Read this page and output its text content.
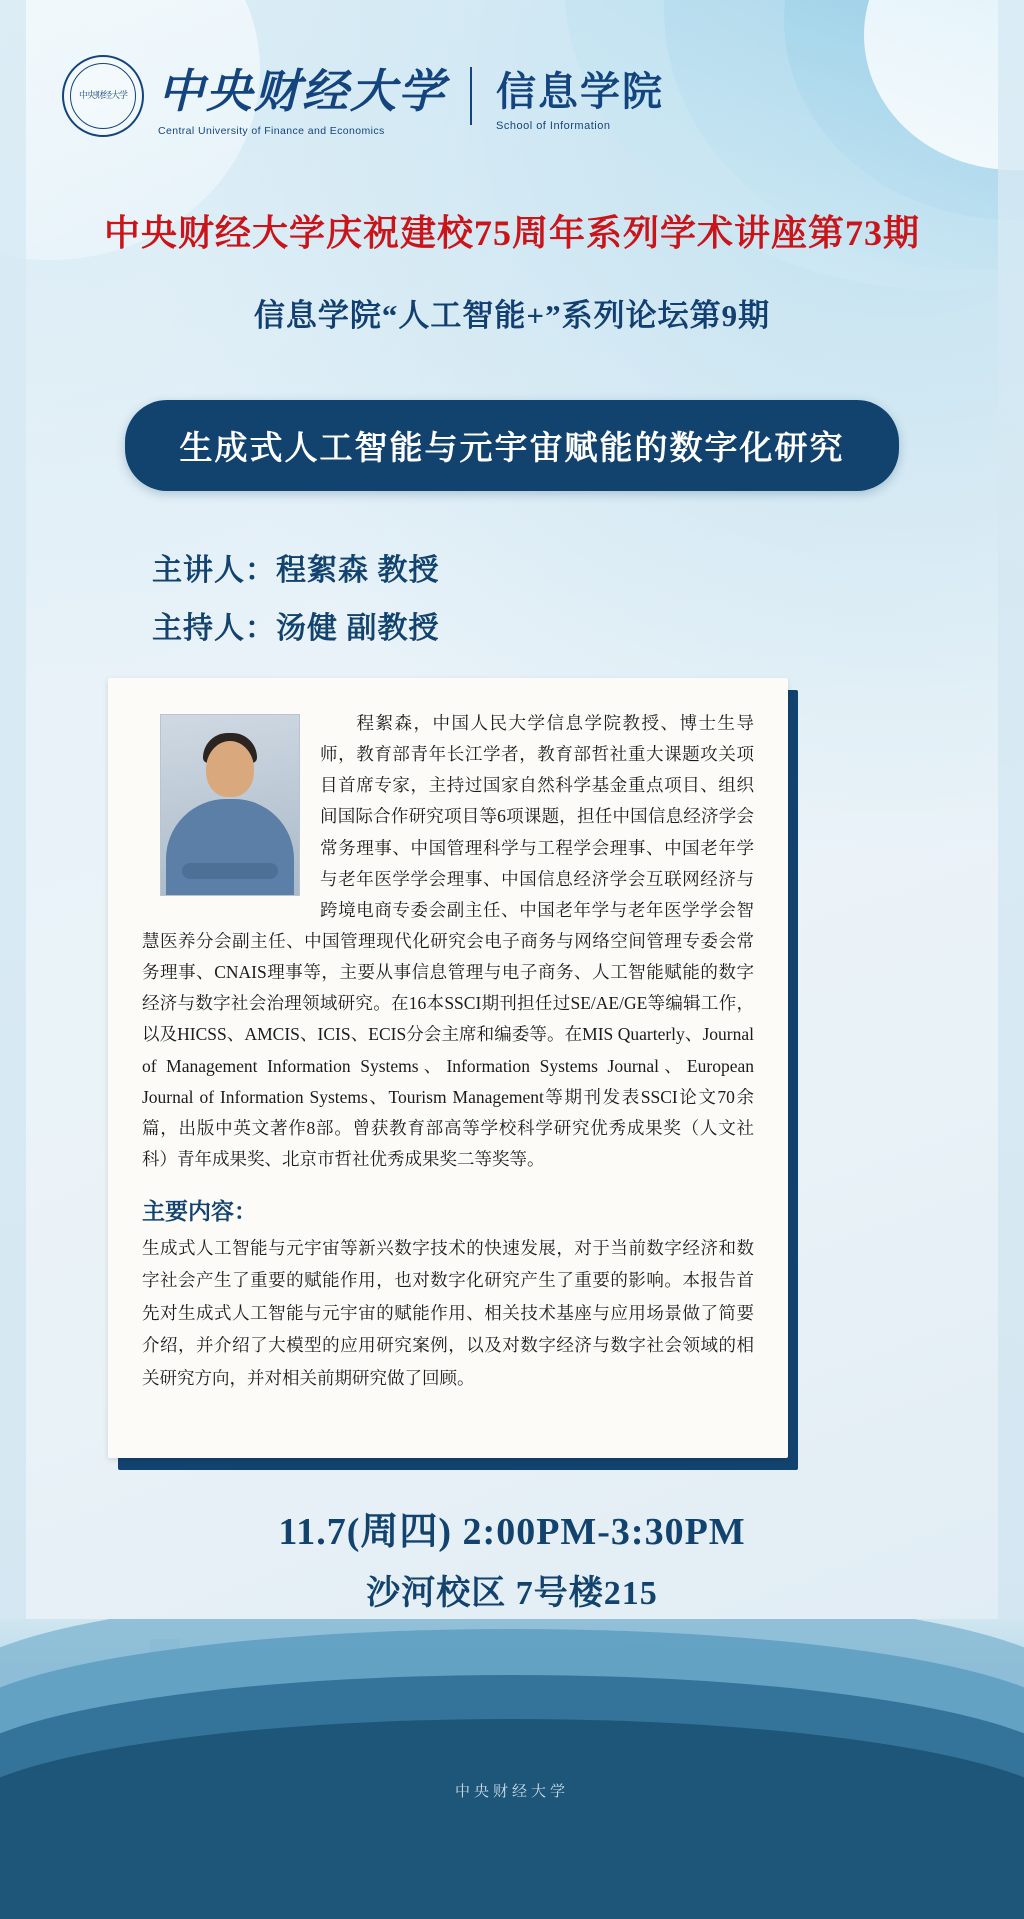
中央财经大学 中央财经大学
Central University of Finance and Economics
信息学院
School of Information
中央财经大学庆祝建校75周年系列学术讲座第73期
信息学院“人工智能+”系列论坛第9期
生成式人工智能与元宇宙赋能的数字化研究
主讲人：程絮森 教授
主持人：汤健 副教授
程絮森，中国人民大学信息学院教授、博士生导师，教育部青年长江学者，教育部哲社重大课题攻关项目首席专家，主持过国家自然科学基金重点项目、组织间国际合作研究项目等6项课题，担任中国信息经济学会常务理事、中国管理科学与工程学会理事、中国老年学与老年医学学会理事、中国信息经济学会互联网经济与跨境电商专委会副主任、中国老年学与老年医学学会智慧医养分会副主任、中国管理现代化研究会电子商务与网络空间管理专委会常务理事、CNAIS理事等，主要从事信息管理与电子商务、人工智能赋能的数字经济与数字社会治理领域研究。在16本SSCI期刊担任过SE/AE/GE等编辑工作，以及HICSS、AMCIS、ICIS、ECIS分会主席和编委等。在MIS Quarterly、Journal of Management Information Systems、Information Systems Journal、European Journal of Information Systems、Tourism Management等期刊发表SSCI论文70余篇，出版中英文著作8部。曾获教育部高等学校科学研究优秀成果奖（人文社科）青年成果奖、北京市哲社优秀成果奖二等奖等。
主要内容：
生成式人工智能与元宇宙等新兴数字技术的快速发展，对于当前数字经济和数字社会产生了重要的赋能作用，也对数字化研究产生了重要的影响。本报告首先对生成式人工智能与元宇宙的赋能作用、相关技术基座与应用场景做了简要介绍，并介绍了大模型的应用研究案例，以及对数字经济与数字社会领域的相关研究方向，并对相关前期研究做了回顾。
11.7(周四) 2:00PM-3:30PM
沙河校区 7号楼215
中央财经大学
